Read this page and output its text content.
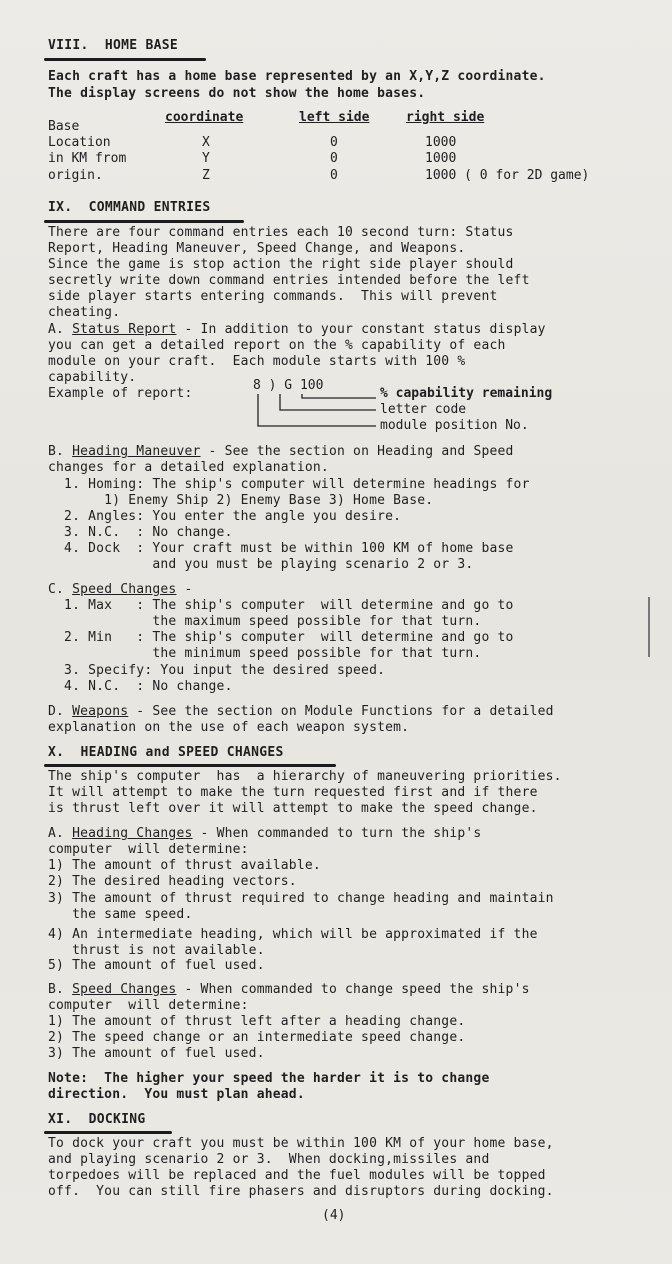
VIII.  HOME BASE
Each craft has a home base represented by an X,Y,Z coordinate.
The display screens do not show the home bases.
coordinate	left side	right side
Base
Location
in KM from
origin.
X
Y
Z
0
0
0
1000
1000
1000 ( 0 for 2D game)
IX.  COMMAND ENTRIES
There are four command entries each 10 second turn: Status
Report, Heading Maneuver, Speed Change, and Weapons.
Since the game is stop action the right side player should
secretly write down command entries intended before the left
side player starts entering commands.  This will prevent
cheating.
A. Status Report - In addition to your constant status display
you can get a detailed report on the % capability of each
module on your craft.  Each module starts with 100 %
capability.
Example of report:
8 ) G 100
% capability remaining
letter code
module position No.
B. Heading Maneuver - See the section on Heading and Speed
changes for a detailed explanation.
1. Homing: The ship's computer will determine headings for
1) Enemy Ship 2) Enemy Base 3) Home Base.
2. Angles: You enter the angle you desire.
3. N.C.  : No change.
4. Dock  : Your craft must be within 100 KM of home base
and you must be playing scenario 2 or 3.
C. Speed Changes -
1. Max   : The ship's computer  will determine and go to
the maximum speed possible for that turn.
2. Min   : The ship's computer  will determine and go to
the minimum speed possible for that turn.
3. Specify: You input the desired speed.
4. N.C.  : No change.
D. Weapons - See the section on Module Functions for a detailed
explanation on the use of each weapon system.
X.  HEADING and SPEED CHANGES
The ship's computer  has  a hierarchy of maneuvering priorities.
It will attempt to make the turn requested first and if there
is thrust left over it will attempt to make the speed change.
A. Heading Changes - When commanded to turn the ship's
computer  will determine:
1) The amount of thrust available.
2) The desired heading vectors.
3) The amount of thrust required to change heading and maintain
the same speed.
4) An intermediate heading, which will be approximated if the
thrust is not available.
5) The amount of fuel used.
B. Speed Changes - When commanded to change speed the ship's
computer  will determine:
1) The amount of thrust left after a heading change.
2) The speed change or an intermediate speed change.
3) The amount of fuel used.
Note:  The higher your speed the harder it is to change
direction.  You must plan ahead.
XI.  DOCKING
To dock your craft you must be within 100 KM of your home base,
and playing scenario 2 or 3.  When docking,missiles and
torpedoes will be replaced and the fuel modules will be topped
off.  You can still fire phasers and disruptors during docking.
(4)
